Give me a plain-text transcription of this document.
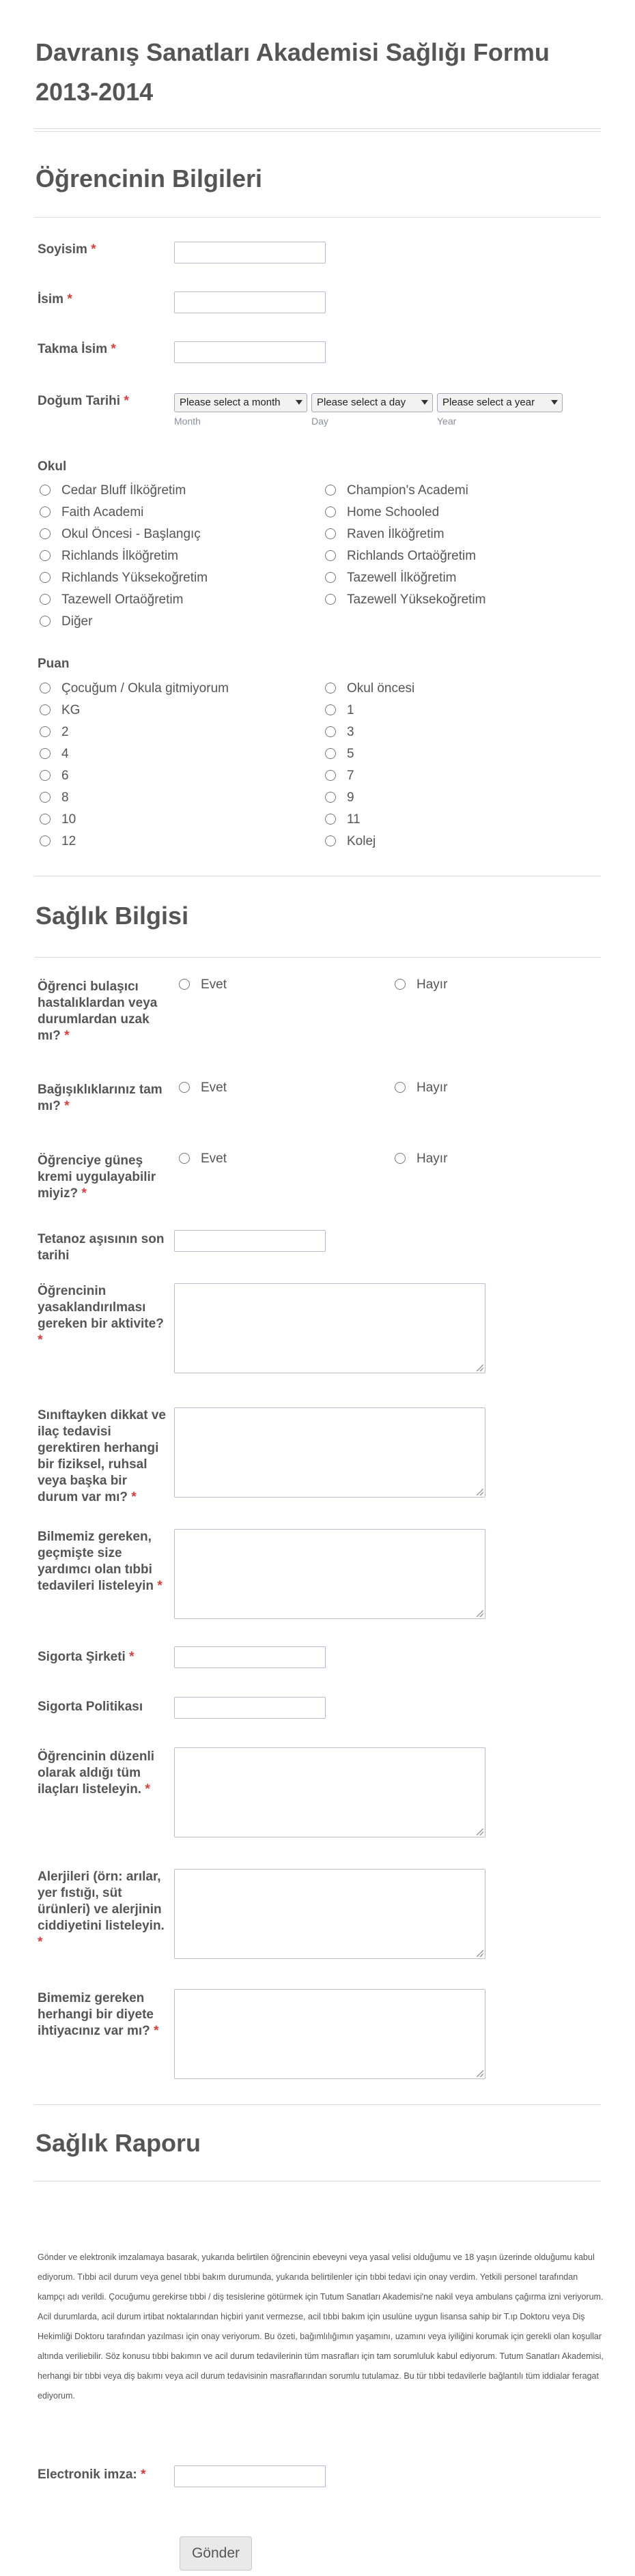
Davranış Sanatları Akademisi Sağlığı Formu 2013-2014
Öğrencinin Bilgileri
Soyisim *
İsim *
Takma İsim *
Doğum Tarihi *	Please select a month	Please select a day	Please select a year
Month	Day	Year
Okul
Cedar Bluff İlköğretim	Champion's Academi
Faith Academi	Home Schooled
Okul Öncesi - Başlangıç	Raven İlköğretim
Richlands İlköğretim	Richlands Ortaöğretim
Richlands Yüksekoğretim	Tazewell İlköğretim
Tazewell Ortaöğretim	Tazewell Yüksekoğretim
Diğer
Puan
Çocuğum / Okula gitmiyorum	Okul öncesi
KG	1
2	3
4	5
6	7
8	9
10	11
12	Kolej
Sağlık Bilgisi
Öğrenci bulaşıcı hastalıklardan veya durumlardan uzak mı? *
Evet	Hayır
Bağışıklıklarınız tam mı? *
Evet	Hayır
Öğrenciye güneş kremi uygulayabilir miyiz? *
Evet	Hayır
Tetanoz aşısının son tarihi
Öğrencinin yasaklandırılması gereken bir aktivite? *
Sınıftayken dikkat ve ilaç tedavisi gerektiren herhangi bir fiziksel, ruhsal veya başka bir durum var mı? *
Bilmemiz gereken, geçmişte size yardımcı olan tıbbi tedavileri listeleyin *
Sigorta Şirketi *
Sigorta Politikası
Öğrencinin düzenli olarak aldığı tüm ilaçları listeleyin. *
Alerjileri (örn: arılar, yer fıstığı, süt ürünleri) ve alerjinin ciddiyetini listeleyin. *
Bimemiz gereken herhangi bir diyete ihtiyacınız var mı? *
Sağlık Raporu
Gönder ve elektronik imzalamaya basarak, yukarıda belirtilen öğrencinin ebeveyni veya yasal velisi olduğumu ve 18 yaşın üzerinde olduğumu kabul ediyorum. Tıbbi acil durum veya genel tıbbi bakım durumunda, yukarıda belirtilenler için tıbbi tedavi için onay verdim. Yetkili personel tarafından kampçı adı verildi. Çocuğumu gerekirse tıbbi / diş tesislerine götürmek için Tutum Sanatları Akademisi'ne nakil veya ambulans çağırma izni veriyorum. Acil durumlarda, acil durum irtibat noktalarından hiçbiri yanıt vermezse, acil tıbbi bakım için usulüne uygun lisansa sahip bir T.ıp Doktoru veya Diş Hekimliği Doktoru tarafından yazılması için onay veriyorum. Bu özeti, bağımlılığımın yaşamını, uzamını veya iyiliğini korumak için gerekli olan koşullar altında veriliebilir. Söz konusu tıbbi bakımın ve acil durum tedavilerinin tüm masrafları için tam sorumluluk kabul ediyorum. Tutum Sanatları Akademisi, herhangi bir tıbbi veya diş bakımı veya acil durum tedavisinin masraflarından sorumlu tutulamaz. Bu tür tıbbi tedavilerle bağlantılı tüm iddialar feragat ediyorum.
Electronik imza: *
Gönder
